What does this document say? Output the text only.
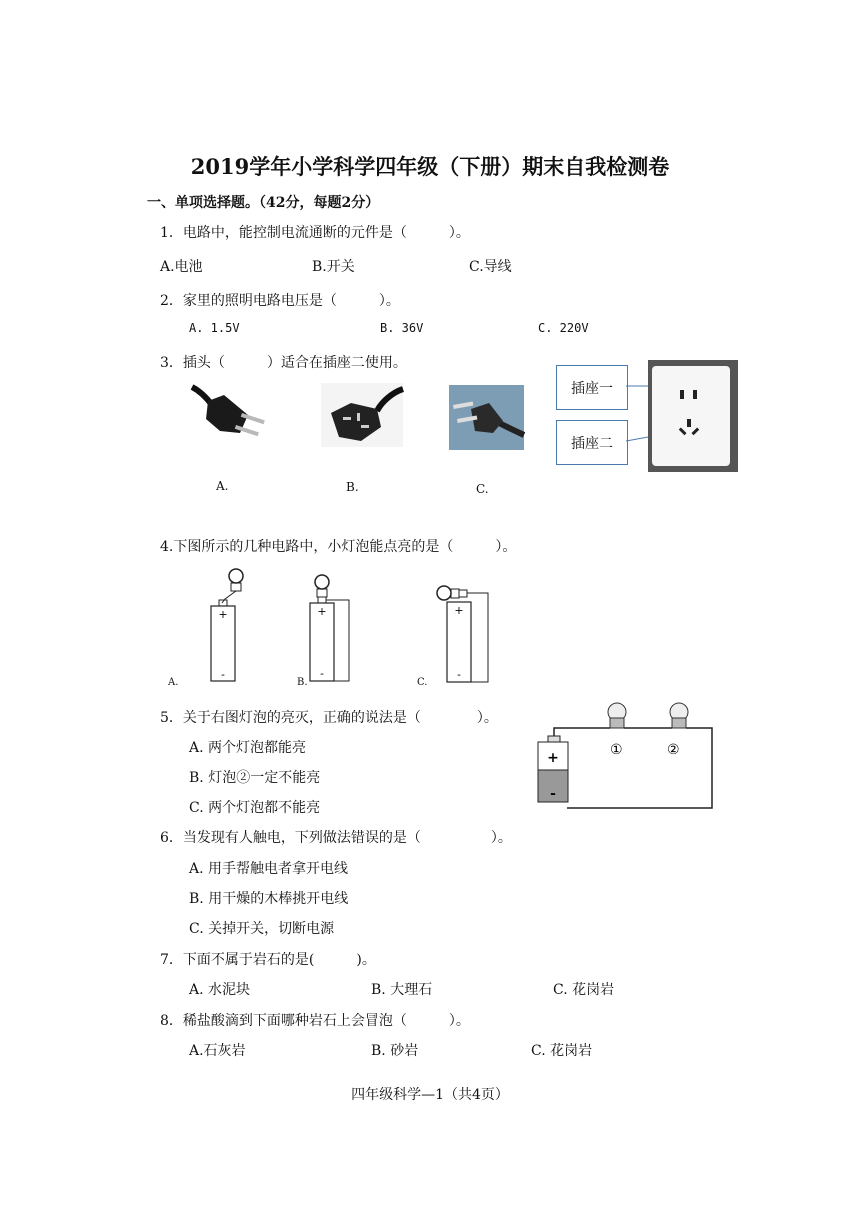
2019学年小学科学四年级（下册）期末自我检测卷
一、单项选择题。（42分，每题2分）
1．电路中，能控制电流通断的元件是（　　　）。
A.电池	B.开关	C.导线
2．家里的照明电路电压是（　　　）。
A. 1.5V	B. 36V	C. 220V
3．插头（　　　）适合在插座二使用。
A.	B.	C.
插座一
插座二
4.下图所示的几种电路中，小灯泡能点亮的是（　　　）。
+
-
A.
+
-
B.
+
-
C.
5．关于右图灯泡的亮灭，正确的说法是（　　　　）。
A. 两个灯泡都能亮
B. 灯泡②一定不能亮
C. 两个灯泡都不能亮
+
-
①	②
6．当发现有人触电，下列做法错误的是（　　　　　）。
A. 用手帮触电者拿开电线
B. 用干燥的木棒挑开电线
C. 关掉开关，切断电源
7．下面不属于岩石的是(　　　)。
A. 水泥块	B. 大理石	C. 花岗岩
8．稀盐酸滴到下面哪种岩石上会冒泡（　　　）。
A.石灰岩	B. 砂岩	C. 花岗岩
四年级科学—1（共4页）
